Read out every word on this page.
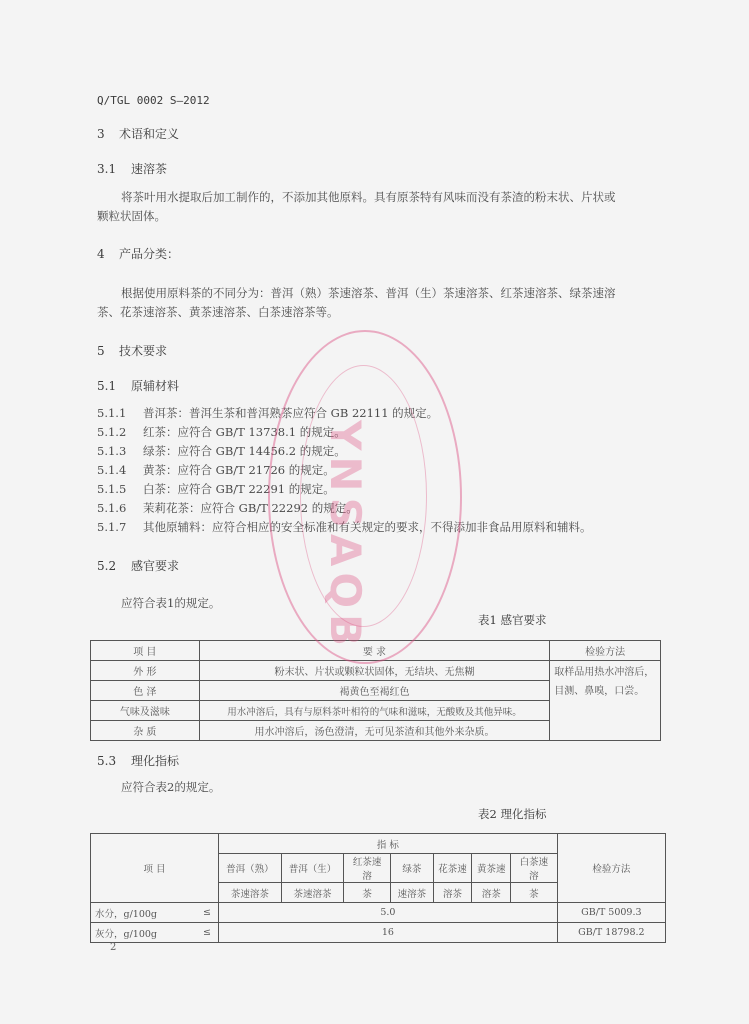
Q/TGL 0002 S—2012
3 术语和定义
3.1 速溶茶
将茶叶用水提取后加工制作的，不添加其他原料。具有原茶特有风味而没有茶渣的粉末状、片状或
颗粒状固体。
4 产品分类：
根据使用原料茶的不同分为：普洱（熟）茶速溶茶、普洱（生）茶速溶茶、红茶速溶茶、绿茶速溶
茶、花茶速溶茶、黄茶速溶茶、白茶速溶茶等。
5 技术要求
5.1 原辅材料
5.1.1 普洱茶：普洱生茶和普洱熟茶应符合 GB 22111 的规定。
5.1.2 红茶：应符合 GB/T 13738.1 的规定。
5.1.3 绿茶：应符合 GB/T 14456.2 的规定。
5.1.4 黄茶：应符合 GB/T 21726 的规定。
5.1.5 白茶：应符合 GB/T 22291 的规定。
5.1.6 茉莉花茶：应符合 GB/T 22292 的规定。
5.1.7 其他原辅料：应符合相应的安全标准和有关规定的要求，不得添加非食品用原料和辅料。
5.2 感官要求
应符合表1的规定。
表1 感官要求
项 目	要 求	检验方法
外 形	粉末状、片状或颗粒状固体，无结块、无焦糊	取样品用热水冲溶后，目测、鼻嗅，口尝。
色 泽	褐黄色至褐红色	
气味及滋味	用水冲溶后，具有与原料茶叶相符的气味和滋味，无酸败及其他异味。	
杂 质	用水冲溶后，汤色澄清，无可见茶渣和其他外来杂质。	
5.3 理化指标
应符合表2的规定。
表2 理化指标
项 目		指 标							检验方法
		普洱（熟）	普洱（生）	红茶速溶	绿茶	花茶速	黄茶速	白茶速溶	
		茶速溶茶	茶速溶茶	茶	速溶茶	溶茶	溶茶	茶	
水分，g/100g	≤	5.0							GB/T 5009.3
灰分，g/100g	≤	16							GB/T 18798.2
YNSAQB
2
